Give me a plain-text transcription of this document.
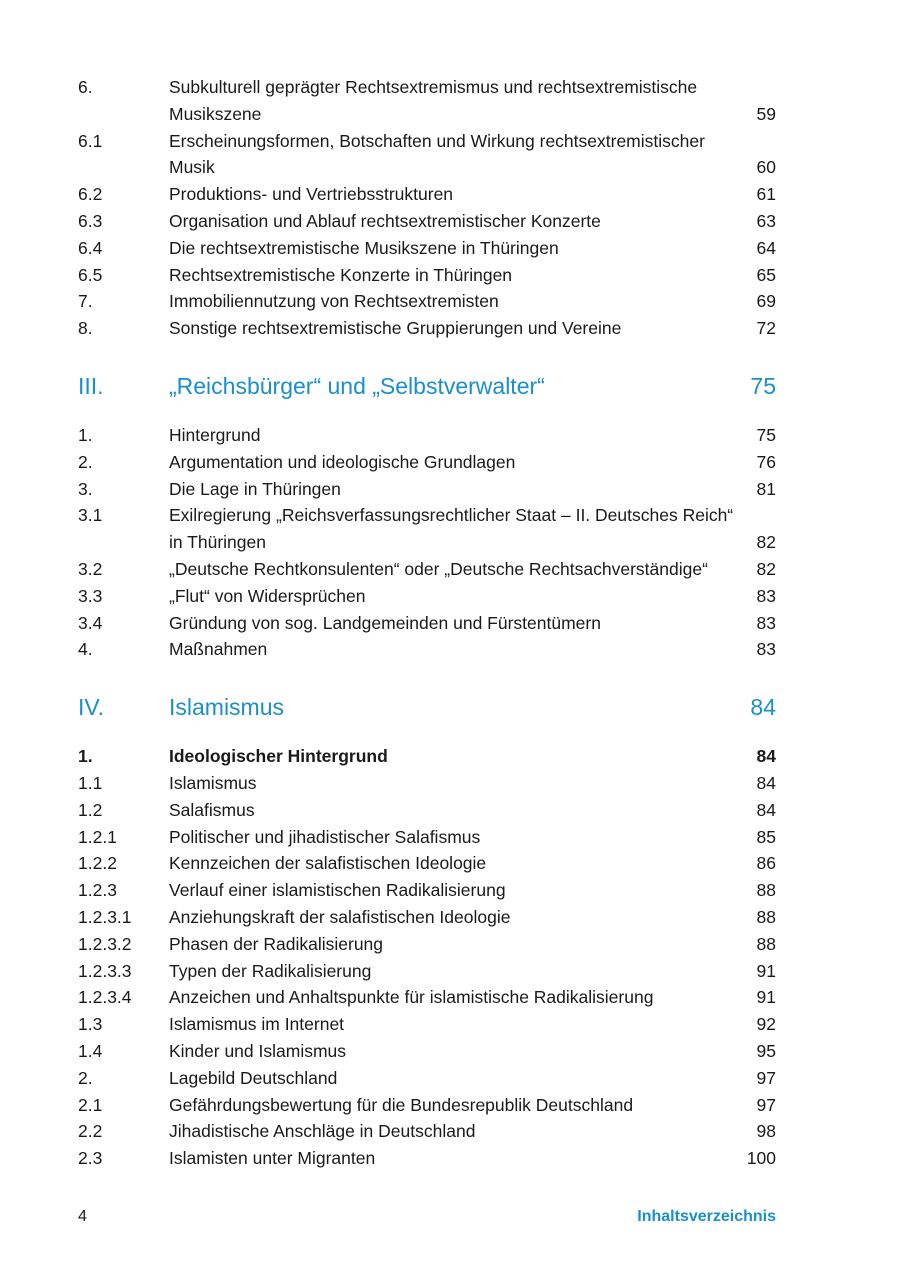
6.	Subkulturell geprägter Rechtsextremismus und rechtsextremistische Musikszene	59
6.1	Erscheinungsformen, Botschaften und Wirkung rechtsextremistischer Musik	60
6.2	Produktions- und Vertriebsstrukturen	61
6.3	Organisation und Ablauf rechtsextremistischer Konzerte	63
6.4	Die rechtsextremistische Musikszene in Thüringen	64
6.5	Rechtsextremistische Konzerte in Thüringen	65
7.	Immobiliennutzung von Rechtsextremisten	69
8.	Sonstige rechtsextremistische Gruppierungen und Vereine	72
III.	„Reichsbürger“ und „Selbstverwalter“	75
1.	Hintergrund	75
2.	Argumentation und ideologische Grundlagen	76
3.	Die Lage in Thüringen	81
3.1	Exilregierung „Reichsverfassungsrechtlicher Staat – II. Deutsches Reich“ in Thüringen	82
3.2	„Deutsche Rechtkonsulenten“ oder „Deutsche Rechtsachverständige“	82
3.3	„Flut“ von Widersprüchen	83
3.4	Gründung von sog. Landgemeinden und Fürstentümern	83
4.	Maßnahmen	83
IV.	Islamismus	84
1.	Ideologischer Hintergrund	84
1.1	Islamismus	84
1.2	Salafismus	84
1.2.1	Politischer und jihadistischer Salafismus	85
1.2.2	Kennzeichen der salafistischen Ideologie	86
1.2.3	Verlauf einer islamistischen Radikalisierung	88
1.2.3.1 Anziehungskraft der salafistischen Ideologie	88
1.2.3.2 Phasen der Radikalisierung	88
1.2.3.3 Typen der Radikalisierung	91
1.2.3.4 Anzeichen und Anhaltspunkte für islamistische Radikalisierung	91
1.3	Islamismus im Internet	92
1.4	Kinder und Islamismus	95
2.	Lagebild Deutschland	97
2.1	Gefährdungsbewertung für die Bundesrepublik Deutschland	97
2.2	Jihadistische Anschläge in Deutschland	98
2.3	Islamisten unter Migranten	100
4	Inhaltsverzeichnis
